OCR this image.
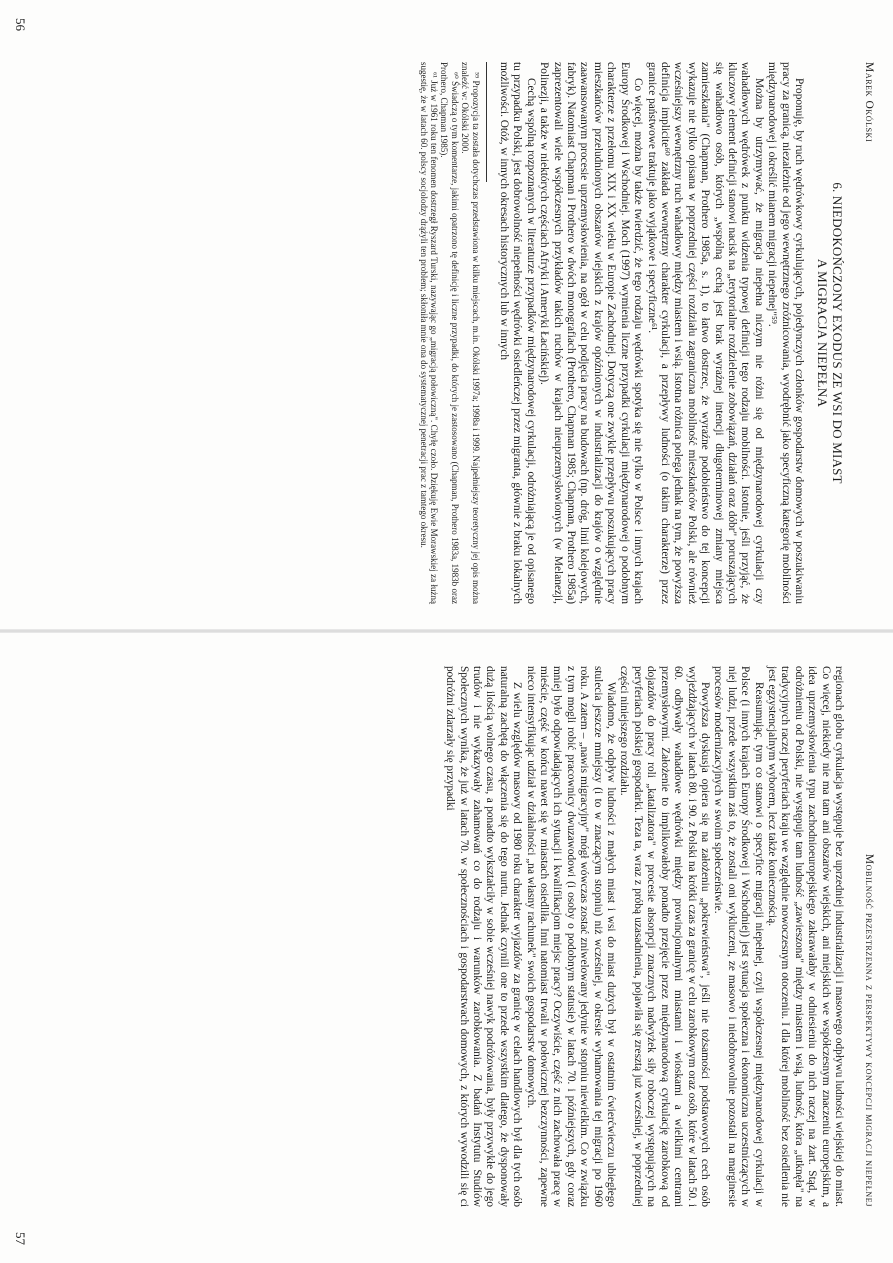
Marek Okólski
6. NIEDOKOŃCZONY EXODUS ZE WSI DO MIAST
A MIGRACJA NIEPEŁNA

Proponuję, by ruch wędrówkowy cyrkulujących, pojedynczych członków gospodarstw domowych w poszukiwaniu pracy za granicą, niezależnie od jego wewnętrznego zróżnicowania, wyodrębnić jako specyficzną kategorię mobilności międzynarodowej i określić mianem migracji niepełnej"⁵⁹.

Można by utrzymywać, że migracja niepełna niczym nie różni się od międzynarodowej cyrkulacji czy wahadłowych wędrówek z punktu widzenia typowej definicji tego rodzaju mobilności. Istotnie, jeśli przyjąć, że kluczowy element definicji stanowi nacisk na „terytorialne rozdzielenie zobowiązań, działań oraz dóbr" poruszających się wahadłowo osób, których „wspólną cechą jest brak wyraźnej intencji długoterminowej zmiany miejsca zamieszkania" (Chapman, Prothero 1985a, s. 1), to łatwo dostrzec, że wyraźne podobieństwo do tej koncepcji wykazuje nie tylko opisana w poprzedniej części rozdziału zagraniczna mobilność mieszkańców Polski, ale również wcześniejszy wewnętrzny ruch wahadłowy między miastem i wsią. Istotna różnica polega jednak na tym, że powyższa definicja implicite⁶⁰ zakłada wewnętrzny charakter cyrkulacji, a przepływy ludności (o takim charakterze) przez granice państwowe traktuje jako wyjątkowe i specyficzne⁶¹.

Co więcej, można by także twierdzić, że tego rodzaju wędrówki spotyka się nie tylko w Polsce i innych krajach Europy Środkowej i Wschodniej. Moch (1997) wymienia liczne przypadki cyrkulacji międzynarodowej o podobnym charakterze z przełomu XIX i XX wieku w Europie Zachodniej. Dotyczą one zwykle przepływu poszukujących pracy mieszkańców przeludnionych obszarów wiejskich z krajów opóźnionych w industrializacji do krajów o względnie zaawansowanym procesie uprzemysłowienia, na ogół w celu podjęcia pracy na budowach (np. dróg, linii kolejowych, fabryk). Natomiast Chapman i Prothero w dwóch monografiach (Prothero, Chapman 1985; Chapman, Prothero 1985a) zaprezentowali wiele współczesnych przykładów takich ruchów w krajach nieuprzemysłowionych (w Melanezji, Polinezji, a także w niektórych częściach Afryki i Ameryki Łacińskiej).

Cechą wspólną rozpoznanych w literaturze przypadków międzynarodowej cyrkulacji, odróżniającą je od opisanego tu przypadku Polski, jest dobrowolność niepełności wędrówki osiedleńczej przez migranta, głównie z braku lokalnych możliwości. Otóż, w innych okresach historycznych lub w innych

⁵⁹ Propozycja ta została dotychczas przedstawiona w kilku miejscach, m.in. Okólski 1997a; 1998a i 1999. Najpełniejszy teoretyczny jej opis można znaleźć w: Okólski 2000.

⁶⁰ Świadczą o tym komentarze, jakimi opatrzono tę definicję i liczne przypadki, do których je zastosowano (Chapman, Prothero 1983a, 1983b oraz Prothero, Chapman 1985).

⁶¹ Już w 1961 roku ten fenomen dostrzegł Ryszard Turski, nazywając go „migracją połowiczną". Chyłę czoło. Dziękuję Ewie Morawskiej za łużną sugestię, że w latach 60. polscy socjolodzy drążyli ten problem; skłoniła mnie ona do systematycznej penetracji prac z tamtego okresu.

56
Mobilność przestrzenna z perspektywy koncepcji migracji niepełnej

regionach globu cyrkulacja występuje bez uprzedniej industrializacji i masowego odpływu ludności wiejskiej do miast. Co więcej, niekiedy nie ma tam ani obszarów wiejskich, ani miejskich we współczesnym znaczeniu europejskim, a idea uprzemysłowienia typu zachodnioeuropejskiego zakrawałaby w odniesieniu do nich raczej na żart. Stąd, w odróżnieniu od Polski, nie występuje tam ludność „zawieszona" między miastem i wsią, ludność, która „utknęła" na tradycyjnych raczej peryferiach kraju we względnie nowoczesnym otoczeniu. I dla której mobilność bez osiedlenia nie jest egzystencjalnym wyborem, lecz także koniecznością.

Reasumując, tym co stanowi o specyfice migracji niepełnej, czyli współczesnej międzynarodowej cyrkulacji w Polsce (i innych krajach Europy Środkowej i Wschodniej) jest sytuacja społeczna i ekonomiczna uczestniczących w niej ludzi, przede wszystkim zaś to, że zostali oni wykluczeni, ze masowo i niedobrowolnie pozostali na marginesie procesów modernizacyjnych w swoim społeczeństwie.

Powyższa dyskusja opiera się na założeniu „pokrewieństwa", jeśli nie tożsamości podstawowych cech osób wyjeżdżających w latach 80. i 90. z Polski na krótki czas za granicę w celu zarobkowym oraz osób, które w latach 50. i 60. odbywały wahadłowe wędrówki między prowincjonalnymi miastami i wioskami a wielkimi centrami przemysłowymi. Założenie to implikowałoby ponadto przejęcie przez międzynarodową cyrkulację zarobkową od dojazdów do pracy roli „katalizatora" w procesie absorpcji znacznych nadwyżek siły roboczej występujących na peryferiach polskiej gospodarki. Teza ta, wraz z próbą uzasadnienia, pojawiła się zresztą już wcześniej, w poprzedniej części niniejszego rozdziału.

Wiadomo, że odpływ ludności z małych miast i wsi do miast dużych był w ostatnim ćwierćwieczu ubiegłego stulecia jeszcze mniejszy (i to w znaczącym stopniu) niż wcześniej, w okresie wyhamowania tej migracji po 1960 roku. A zatem – „nawis migracyjny" mógł wówczas zostać zniwelowany jedynie w stopniu niewielkim. Co w związku z tym mogli robić pracownicy dwuzawodowi (i osoby o podobnym statusie) w latach 70. i późniejszych, gdy coraz mniej było odpowiadających ich sytuacji i kwalifikacjom miejsc pracy? Oczywiście, część z nich zachowała pracę w mieście, część w końcu nawet się w miastach osiedliła. Inni natomiast trwali w połowicznej bezczynności, zapewne nieco intensyfikując udział w działalności „na własny rachunek" swoich gospodarstw domowych.

Z wielu względów masowy od 1980 roku charakter wyjazdów za granicę w celach handlowych był dla tych osób naturalną zachętą do włączenia się do tego nurtu. Jednak czynili one to przede wszystkim dlatego, że dysponowały dużą ilością wolnego czasu, a ponadto wykształciły w sobie wcześniej nawyk podróżowania, były przywykłe do jego trudów i nie wykazywały zahamowań co do rodzaju i warunków zarobkowania. Z badań Instytutu Studiów Społecznych wynika, że już w latach 70. w społecznościach i gospodarstwach domowych, z których wywodzili się ci podróżni zdarzały się przypadki

57
